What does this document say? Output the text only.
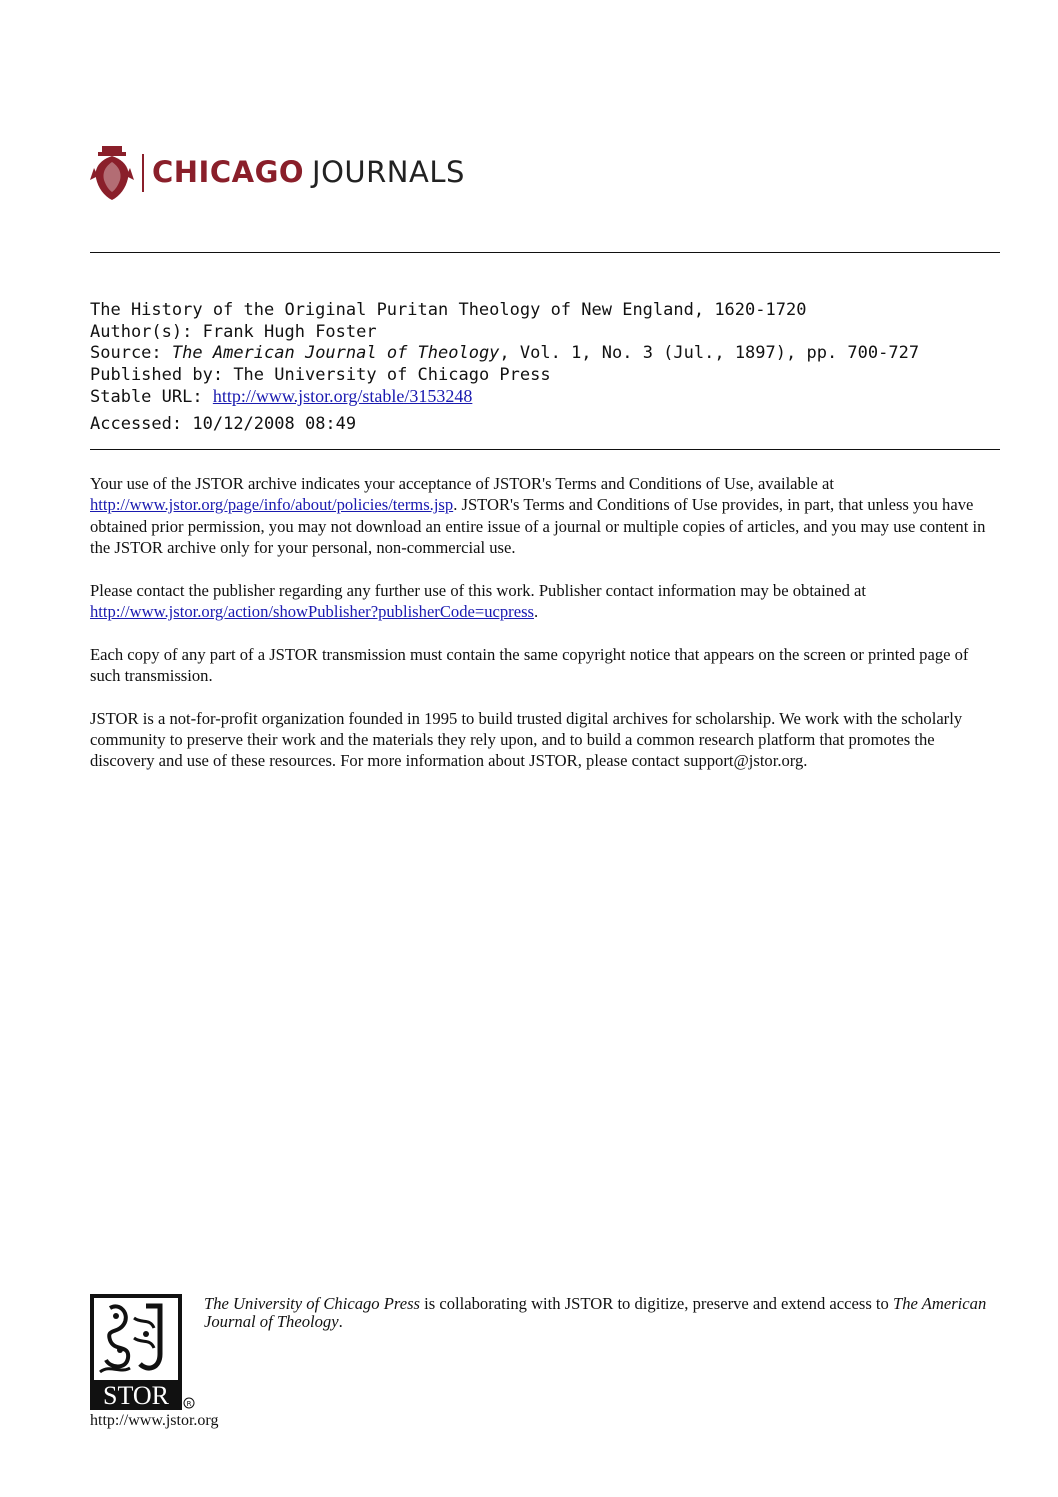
CHICAGO JOURNALS
The History of the Original Puritan Theology of New England, 1620-1720
Author(s): Frank Hugh Foster
Source: The American Journal of Theology, Vol. 1, No. 3 (Jul., 1897), pp. 700-727
Published by: The University of Chicago Press
Stable URL: http://www.jstor.org/stable/3153248
Accessed: 10/12/2008 08:49

Your use of the JSTOR archive indicates your acceptance of JSTOR's Terms and Conditions of Use, available at http://www.jstor.org/page/info/about/policies/terms.jsp. JSTOR's Terms and Conditions of Use provides, in part, that unless you have obtained prior permission, you may not download an entire issue of a journal or multiple copies of articles, and you may use content in the JSTOR archive only for your personal, non-commercial use.

Please contact the publisher regarding any further use of this work. Publisher contact information may be obtained at http://www.jstor.org/action/showPublisher?publisherCode=ucpress.

Each copy of any part of a JSTOR transmission must contain the same copyright notice that appears on the screen or printed page of such transmission.

JSTOR is a not-for-profit organization founded in 1995 to build trusted digital archives for scholarship. We work with the scholarly community to preserve their work and the materials they rely upon, and to build a common research platform that promotes the discovery and use of these resources. For more information about JSTOR, please contact support@jstor.org.

STOR	R
http://www.jstor.org
The University of Chicago Press is collaborating with JSTOR to digitize, preserve and extend access to The American Journal of Theology.
